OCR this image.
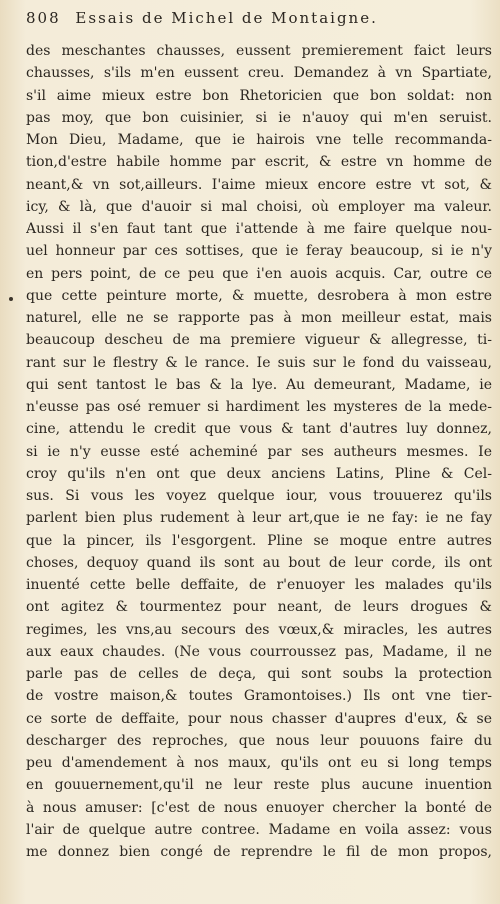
808 Essais de Michel de Montaigne.
des meschantes chausses, eussent premierement faict leurs
chausses, s'ils m'en eussent creu. Demandez à vn Spartiate,
s'il aime mieux estre bon Rhetoricien que bon soldat: non
pas moy, que bon cuisinier, si ie n'auoy qui m'en seruist.
Mon Dieu, Madame, que ie hairois vne telle recommanda-
tion,d'estre habile homme par escrit, & estre vn homme de
neant,& vn sot,ailleurs. I'aime mieux encore estre vt sot, &
icy, & là, que d'auoir si mal choisi, où employer ma valeur.
Aussi il s'en faut tant que i'attende à me faire quelque nou-
uel honneur par ces sottises, que ie feray beaucoup, si ie n'y
en pers point, de ce peu que i'en auois acquis. Car, outre ce
que cette peinture morte, & muette, desrobera à mon estre
naturel, elle ne se rapporte pas à mon meilleur estat, mais
beaucoup descheu de ma premiere vigueur & allegresse, ti-
rant sur le flestry & le rance. Ie suis sur le fond du vaisseau,
qui sent tantost le bas & la lye. Au demeurant, Madame, ie
n'eusse pas osé remuer si hardiment les mysteres de la mede-
cine, attendu le credit que vous & tant d'autres luy donnez,
si ie n'y eusse esté acheminé par ses autheurs mesmes. Ie
croy qu'ils n'en ont que deux anciens Latins, Pline & Cel-
sus. Si vous les voyez quelque iour, vous trouuerez qu'ils
parlent bien plus rudement à leur art,que ie ne fay: ie ne fay
que la pincer, ils l'esgorgent. Pline se moque entre autres
choses, dequoy quand ils sont au bout de leur corde, ils ont
inuenté cette belle deffaite, de r'enuoyer les malades qu'ils
ont agitez & tourmentez pour neant, de leurs drogues &
regimes, les vns,au secours des vœux,& miracles, les autres
aux eaux chaudes. (Ne vous courroussez pas, Madame, il ne
parle pas de celles de deça, qui sont soubs la protection
de vostre maison,& toutes Gramontoises.) Ils ont vne tier-
ce sorte de deffaite, pour nous chasser d'aupres d'eux, & se
descharger des reproches, que nous leur pouuons faire du
peu d'amendement à nos maux, qu'ils ont eu si long temps
en gouuernement,qu'il ne leur reste plus aucune inuention
à nous amuser: [c'est de nous enuoyer chercher la bonté de
l'air de quelque autre contree. Madame en voila assez: vous
me donnez bien congé de reprendre le fil de mon propos,
